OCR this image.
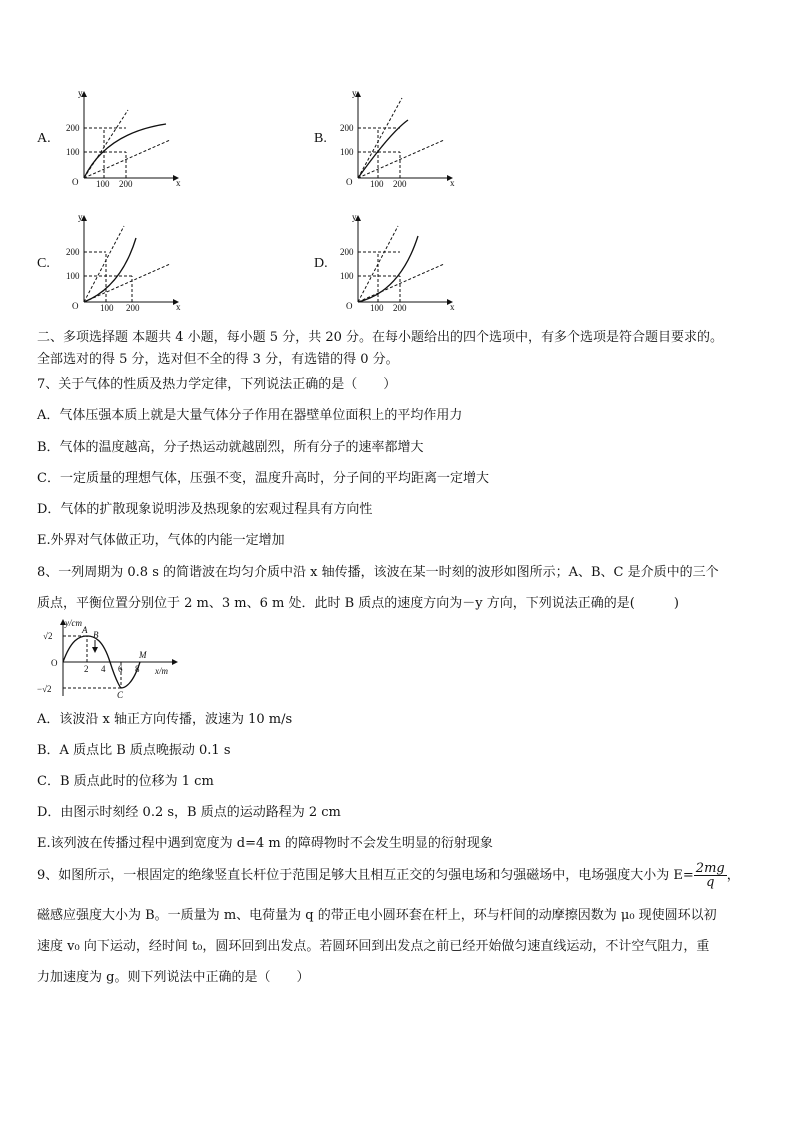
A.
y
x
O
200
100
100 200
B.
y
x
O
200
100
100 200
C.
y
x
O
200
100
100 200
D.
y
x
O
200
100
100 200
二、多项选择题 本题共 4 小题，每小题 5 分，共 20 分。在每小题给出的四个选项中，有多个选项是符合题目要求的。
全部选对的得 5 分，选对但不全的得 3 分，有选错的得 0 分。
7、关于气体的性质及热力学定律，下列说法正确的是（　　）
A．气体压强本质上就是大量气体分子作用在器壁单位面积上的平均作用力
B．气体的温度越高，分子热运动就越剧烈，所有分子的速率都增大
C．一定质量的理想气体，压强不变，温度升高时，分子间的平均距离一定增大
D．气体的扩散现象说明涉及热现象的宏观过程具有方向性
E.外界对气体做正功，气体的内能一定增加
8、一列周期为 0.8 s 的简谐波在均匀介质中沿 x 轴传播，该波在某一时刻的波形如图所示；A、B、C 是介质中的三个
质点，平衡位置分别位于 2 m、3 m、6 m 处．此时 B 质点的速度方向为－y 方向，下列说法正确的是(　　　)
y/cm
x/m
O
√2
−√2
2 4 6 8
A B
C
M
A．该波沿 x 轴正方向传播，波速为 10 m/s
B．A 质点比 B 质点晚振动 0.1 s
C．B 质点此时的位移为 1 cm
D．由图示时刻经 0.2 s，B 质点的运动路程为 2 cm
E.该列波在传播过程中遇到宽度为 d=4 m 的障碍物时不会发生明显的衍射现象
9、如图所示，一根固定的绝缘竖直长杆位于范围足够大且相互正交的匀强电场和匀强磁场中，电场强度大小为 $E= \frac{2mg}{q}$ ，
磁感应强度大小为 B。一质量为 m、电荷量为 q 的带正电小圆环套在杆上，环与杆间的动摩擦因数为 μ₀ 现使圆环以初
速度 v₀ 向下运动，经时间 t₀，圆环回到出发点。若圆环回到出发点之前已经开始做匀速直线运动，不计空气阻力，重
力加速度为 g。则下列说法中正确的是（　　）
